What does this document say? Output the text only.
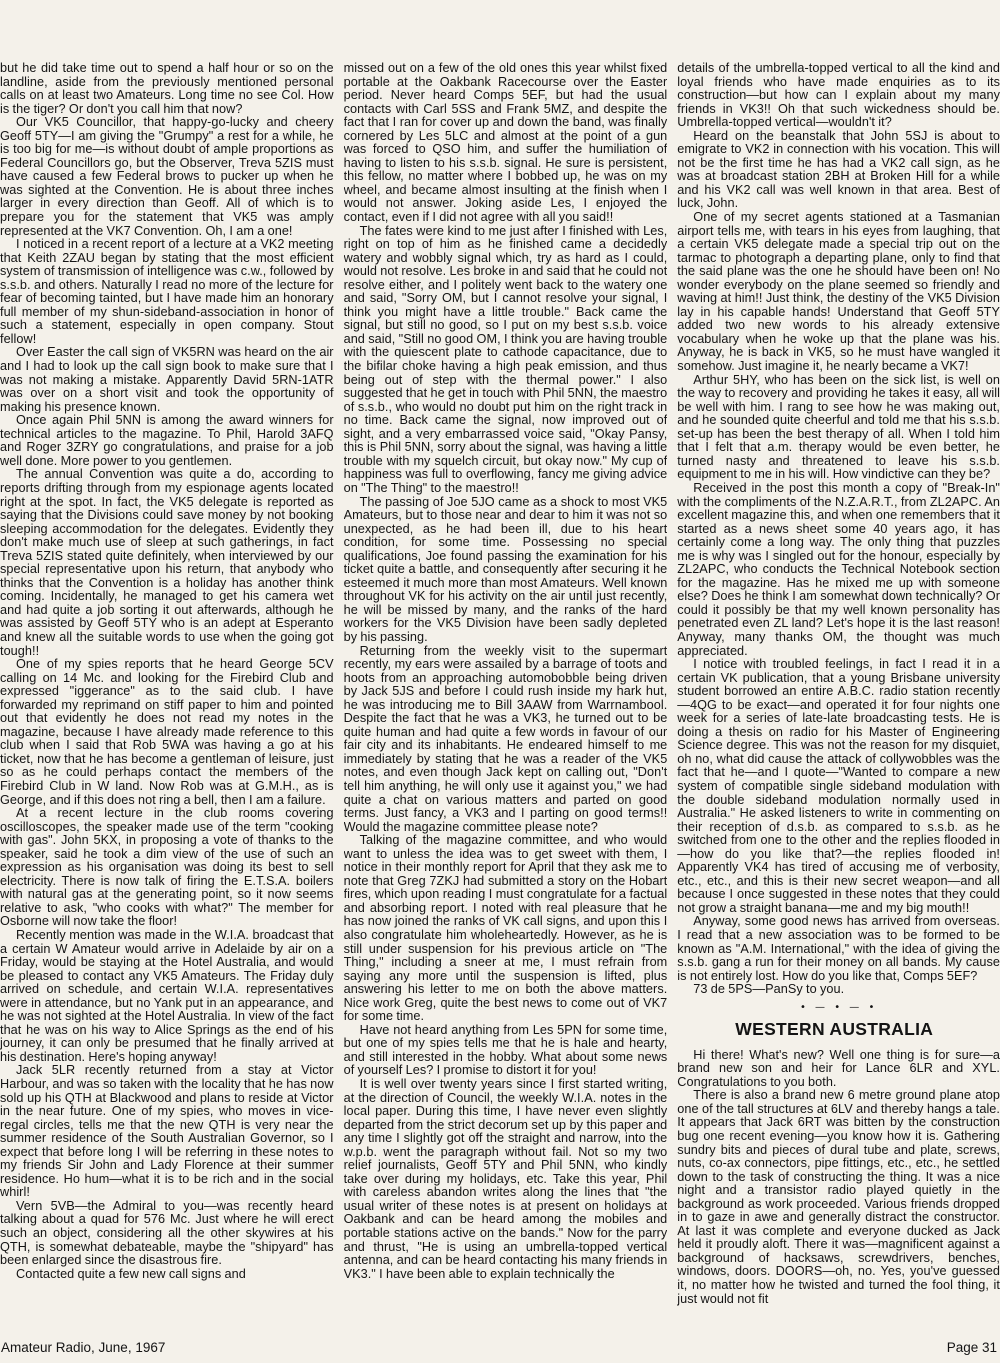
but he did take time out to spend a half hour or so on the landline, aside from the previously mentioned personal calls on at least two Amateurs. Long time no see Col. How is the tiger? Or don't you call him that now?

Our VK5 Councillor, that happy-go-lucky and cheery Geoff 5TY—I am giving the "Grumpy" a rest for a while, he is too big for me—is without doubt of ample proportions as Federal Councillors go, but the Observer, Treva 5ZIS must have caused a few Federal brows to pucker up when he was sighted at the Convention. He is about three inches larger in every direction than Geoff. All of which is to prepare you for the statement that VK5 was amply represented at the VK7 Convention. Oh, I am a one!

I noticed in a recent report of a lecture at a VK2 meeting that Keith 2ZAU began by stating that the most efficient system of transmission of intelligence was c.w., followed by s.s.b. and others. Naturally I read no more of the lecture for fear of becoming tainted, but I have made him an honorary full member of my shun-sideband-association in honor of such a statement, especially in open company. Stout fellow!

Over Easter the call sign of VK5RN was heard on the air and I had to look up the call sign book to make sure that I was not making a mistake. Apparently David 5RN-1ATR was over on a short visit and took the opportunity of making his presence known.

Once again Phil 5NN is among the award winners for technical articles to the magazine. To Phil, Harold 3AFQ and Roger 3ZRY go congratulations, and praise for a job well done. More power to you gentlemen.

The annual Convention was quite a do, according to reports drifting through from my espionage agents located right at the spot. In fact, the VK5 delegate is reported as saying that the Divisions could save money by not booking sleeping accommodation for the delegates. Evidently they don't make much use of sleep at such gatherings, in fact Treva 5ZIS stated quite definitely, when interviewed by our special representative upon his return, that anybody who thinks that the Convention is a holiday has another think coming. Incidentally, he managed to get his camera wet and had quite a job sorting it out afterwards, although he was assisted by Geoff 5TY who is an adept at Esperanto and knew all the suitable words to use when the going got tough!!

One of my spies reports that he heard George 5CV calling on 14 Mc. and looking for the Firebird Club and expressed "iggerance" as to the said club. I have forwarded my reprimand on stiff paper to him and pointed out that evidently he does not read my notes in the magazine, because I have already made reference to this club when I said that Rob 5WA was having a go at his ticket, now that he has become a gentleman of leisure, just so as he could perhaps contact the members of the Firebird Club in W land. Now Rob was at G.M.H., as is George, and if this does not ring a bell, then I am a failure.

At a recent lecture in the club rooms covering oscilloscopes, the speaker made use of the term "cooking with gas". John 5KX, in proposing a vote of thanks to the speaker, said he took a dim view of the use of such an expression as his organisation was doing its best to sell electricity. There is now talk of firing the E.T.S.A. boilers with natural gas at the generating point, so it now seems relative to ask, "who cooks with what?" The member for Osborne will now take the floor!

Recently mention was made in the W.I.A. broadcast that a certain W Amateur would arrive in Adelaide by air on a Friday, would be staying at the Hotel Australia, and would be pleased to contact any VK5 Amateurs. The Friday duly arrived on schedule, and certain W.I.A. representatives were in attendance, but no Yank put in an appearance, and he was not sighted at the Hotel Australia. In view of the fact that he was on his way to Alice Springs as the end of his journey, it can only be presumed that he finally arrived at his destination. Here's hoping anyway!

Jack 5LR recently returned from a stay at Victor Harbour, and was so taken with the locality that he has now sold up his QTH at Blackwood and plans to reside at Victor in the near future. One of my spies, who moves in vice-regal circles, tells me that the new QTH is very near the summer residence of the South Australian Governor, so I expect that before long I will be referring in these notes to my friends Sir John and Lady Florence at their summer residence. Ho hum—what it is to be rich and in the social whirl!

Vern 5VB—the Admiral to you—was recently heard talking about a quad for 576 Mc. Just where he will erect such an object, considering all the other skywires at his QTH, is somewhat debateable, maybe the "shipyard" has been enlarged since the disastrous fire.

Contacted quite a few new call signs and

missed out on a few of the old ones this year whilst fixed portable at the Oakbank Racecourse over the Easter period. Never heard Comps 5EF, but had the usual contacts with Carl 5SS and Frank 5MZ, and despite the fact that I ran for cover up and down the band, was finally cornered by Les 5LC and almost at the point of a gun was forced to QSO him, and suffer the humiliation of having to listen to his s.s.b. signal. He sure is persistent, this fellow, no matter where I bobbed up, he was on my wheel, and became almost insulting at the finish when I would not answer. Joking aside Les, I enjoyed the contact, even if I did not agree with all you said!!

The fates were kind to me just after I finished with Les, right on top of him as he finished came a decidedly watery and wobbly signal which, try as hard as I could, would not resolve. Les broke in and said that he could not resolve either, and I politely went back to the watery one and said, "Sorry OM, but I cannot resolve your signal, I think you might have a little trouble." Back came the signal, but still no good, so I put on my best s.s.b. voice and said, "Still no good OM, I think you are having trouble with the quiescent plate to cathode capacitance, due to the bifilar choke having a high peak emission, and thus being out of step with the thermal power." I also suggested that he get in touch with Phil 5NN, the maestro of s.s.b., who would no doubt put him on the right track in no time. Back came the signal, now improved out of sight, and a very embarrassed voice said, "Okay Pansy, this is Phil 5NN, sorry about the signal, was having a little trouble with my squelch circuit, but okay now." My cup of happiness was full to overflowing, fancy me giving advice on "The Thing" to the maestro!!

The passing of Joe 5JO came as a shock to most VK5 Amateurs, but to those near and dear to him it was not so unexpected, as he had been ill, due to his heart condition, for some time. Possessing no special qualifications, Joe found passing the examination for his ticket quite a battle, and consequently after securing it he esteemed it much more than most Amateurs. Well known throughout VK for his activity on the air until just recently, he will be missed by many, and the ranks of the hard workers for the VK5 Division have been sadly depleted by his passing.

Returning from the weekly visit to the supermart recently, my ears were assailed by a barrage of toots and hoots from an approaching automobobble being driven by Jack 5JS and before I could rush inside my hark hut, he was introducing me to Bill 3AAW from Warrnambool. Despite the fact that he was a VK3, he turned out to be quite human and had quite a few words in favour of our fair city and its inhabitants. He endeared himself to me immediately by stating that he was a reader of the VK5 notes, and even though Jack kept on calling out, "Don't tell him anything, he will only use it against you," we had quite a chat on various matters and parted on good terms. Just fancy, a VK3 and I parting on good terms!! Would the magazine committee please note?

Talking of the magazine committee, and who would want to unless the idea was to get sweet with them, I notice in their monthly report for April that they ask me to note that Greg 7ZKJ had submitted a story on the Hobart fires, which upon reading I must congratulate for a factual and absorbing report. I noted with real pleasure that he has now joined the ranks of VK call signs, and upon this I also congratulate him wholeheartedly. However, as he is still under suspension for his previous article on "The Thing," including a sneer at me, I must refrain from saying any more until the suspension is lifted, plus answering his letter to me on both the above matters. Nice work Greg, quite the best news to come out of VK7 for some time.

Have not heard anything from Les 5PN for some time, but one of my spies tells me that he is hale and hearty, and still interested in the hobby. What about some news of yourself Les? I promise to distort it for you!

It is well over twenty years since I first started writing, at the direction of Council, the weekly W.I.A. notes in the local paper. During this time, I have never even slightly departed from the strict decorum set up by this paper and any time I slightly got off the straight and narrow, into the w.p.b. went the paragraph without fail. Not so my two relief journalists, Geoff 5TY and Phil 5NN, who kindly take over during my holidays, etc. Take this year, Phil with careless abandon writes along the lines that "the usual writer of these notes is at present on holidays at Oakbank and can be heard among the mobiles and portable stations active on the bands." Now for the parry and thrust, "He is using an umbrella-topped vertical antenna, and can be heard contacting his many friends in VK3." I have been able to explain technically the

details of the umbrella-topped vertical to all the kind and loyal friends who have made enquiries as to its construction—but how can I explain about my many friends in VK3!! Oh that such wickedness should be. Umbrella-topped vertical—wouldn't it?

Heard on the beanstalk that John 5SJ is about to emigrate to VK2 in connection with his vocation. This will not be the first time he has had a VK2 call sign, as he was at broadcast station 2BH at Broken Hill for a while and his VK2 call was well known in that area. Best of luck, John.

One of my secret agents stationed at a Tasmanian airport tells me, with tears in his eyes from laughing, that a certain VK5 delegate made a special trip out on the tarmac to photograph a departing plane, only to find that the said plane was the one he should have been on! No wonder everybody on the plane seemed so friendly and waving at him!! Just think, the destiny of the VK5 Division lay in his capable hands! Understand that Geoff 5TY added two new words to his already extensive vocabulary when he woke up that the plane was his. Anyway, he is back in VK5, so he must have wangled it somehow. Just imagine it, he nearly became a VK7!

Arthur 5HY, who has been on the sick list, is well on the way to recovery and providing he takes it easy, all will be well with him. I rang to see how he was making out, and he sounded quite cheerful and told me that his s.s.b. set-up has been the best therapy of all. When I told him that I felt that a.m. therapy would be even better, he turned nasty and threatened to leave his s.s.b. equipment to me in his will. How vindictive can they be?

Received in the post this month a copy of "Break-In" with the compliments of the N.Z.A.R.T., from ZL2APC. An excellent magazine this, and when one remembers that it started as a news sheet some 40 years ago, it has certainly come a long way. The only thing that puzzles me is why was I singled out for the honour, especially by ZL2APC, who conducts the Technical Notebook section for the magazine. Has he mixed me up with someone else? Does he think I am somewhat down technically? Or could it possibly be that my well known personality has penetrated even ZL land? Let's hope it is the last reason! Anyway, many thanks OM, the thought was much appreciated.

I notice with troubled feelings, in fact I read it in a certain VK publication, that a young Brisbane university student borrowed an entire A.B.C. radio station recently—4QG to be exact—and operated it for four nights one week for a series of late-late broadcasting tests. He is doing a thesis on radio for his Master of Engineering Science degree. This was not the reason for my disquiet, oh no, what did cause the attack of collywobbles was the fact that he—and I quote—"Wanted to compare a new system of compatible single sideband modulation with the double sideband modulation normally used in Australia." He asked listeners to write in commenting on their reception of d.s.b. as compared to s.s.b. as he switched from one to the other and the replies flooded in—how do you like that?—the replies flooded in! Apparently VK4 has tired of accusing me of verbosity, etc., etc., and this is their new secret weapon—and all because I once suggested in these notes that they could not grow a straight banana—me and my big mouth!!

Anyway, some good news has arrived from overseas. I read that a new association was to be formed to be known as "A.M. International," with the idea of giving the s.s.b. gang a run for their money on all bands. My cause is not entirely lost. How do you like that, Comps 5EF?

73 de 5PS—PanSy to you.

• — • — •
WESTERN AUSTRALIA

Hi there! What's new? Well one thing is for sure—a brand new son and heir for Lance 6LR and XYL. Congratulations to you both.

There is also a brand new 6 metre ground plane atop one of the tall structures at 6LV and thereby hangs a tale. It appears that Jack 6RT was bitten by the construction bug one recent evening—you know how it is. Gathering sundry bits and pieces of dural tube and plate, screws, nuts, co-ax connectors, pipe fittings, etc., etc., he settled down to the task of constructing the thing. It was a nice night and a transistor radio played quietly in the background as work proceeded. Various friends dropped in to gaze in awe and generally distract the constructor. At last it was complete and everyone ducked as Jack held it proudly aloft. There it was—magnificent against a background of hacksaws, screwdrivers, benches, windows, doors. DOORS—oh, no. Yes, you've guessed it, no matter how he twisted and turned the fool thing, it just would not fit

Amateur Radio, June, 1967	Page 31
